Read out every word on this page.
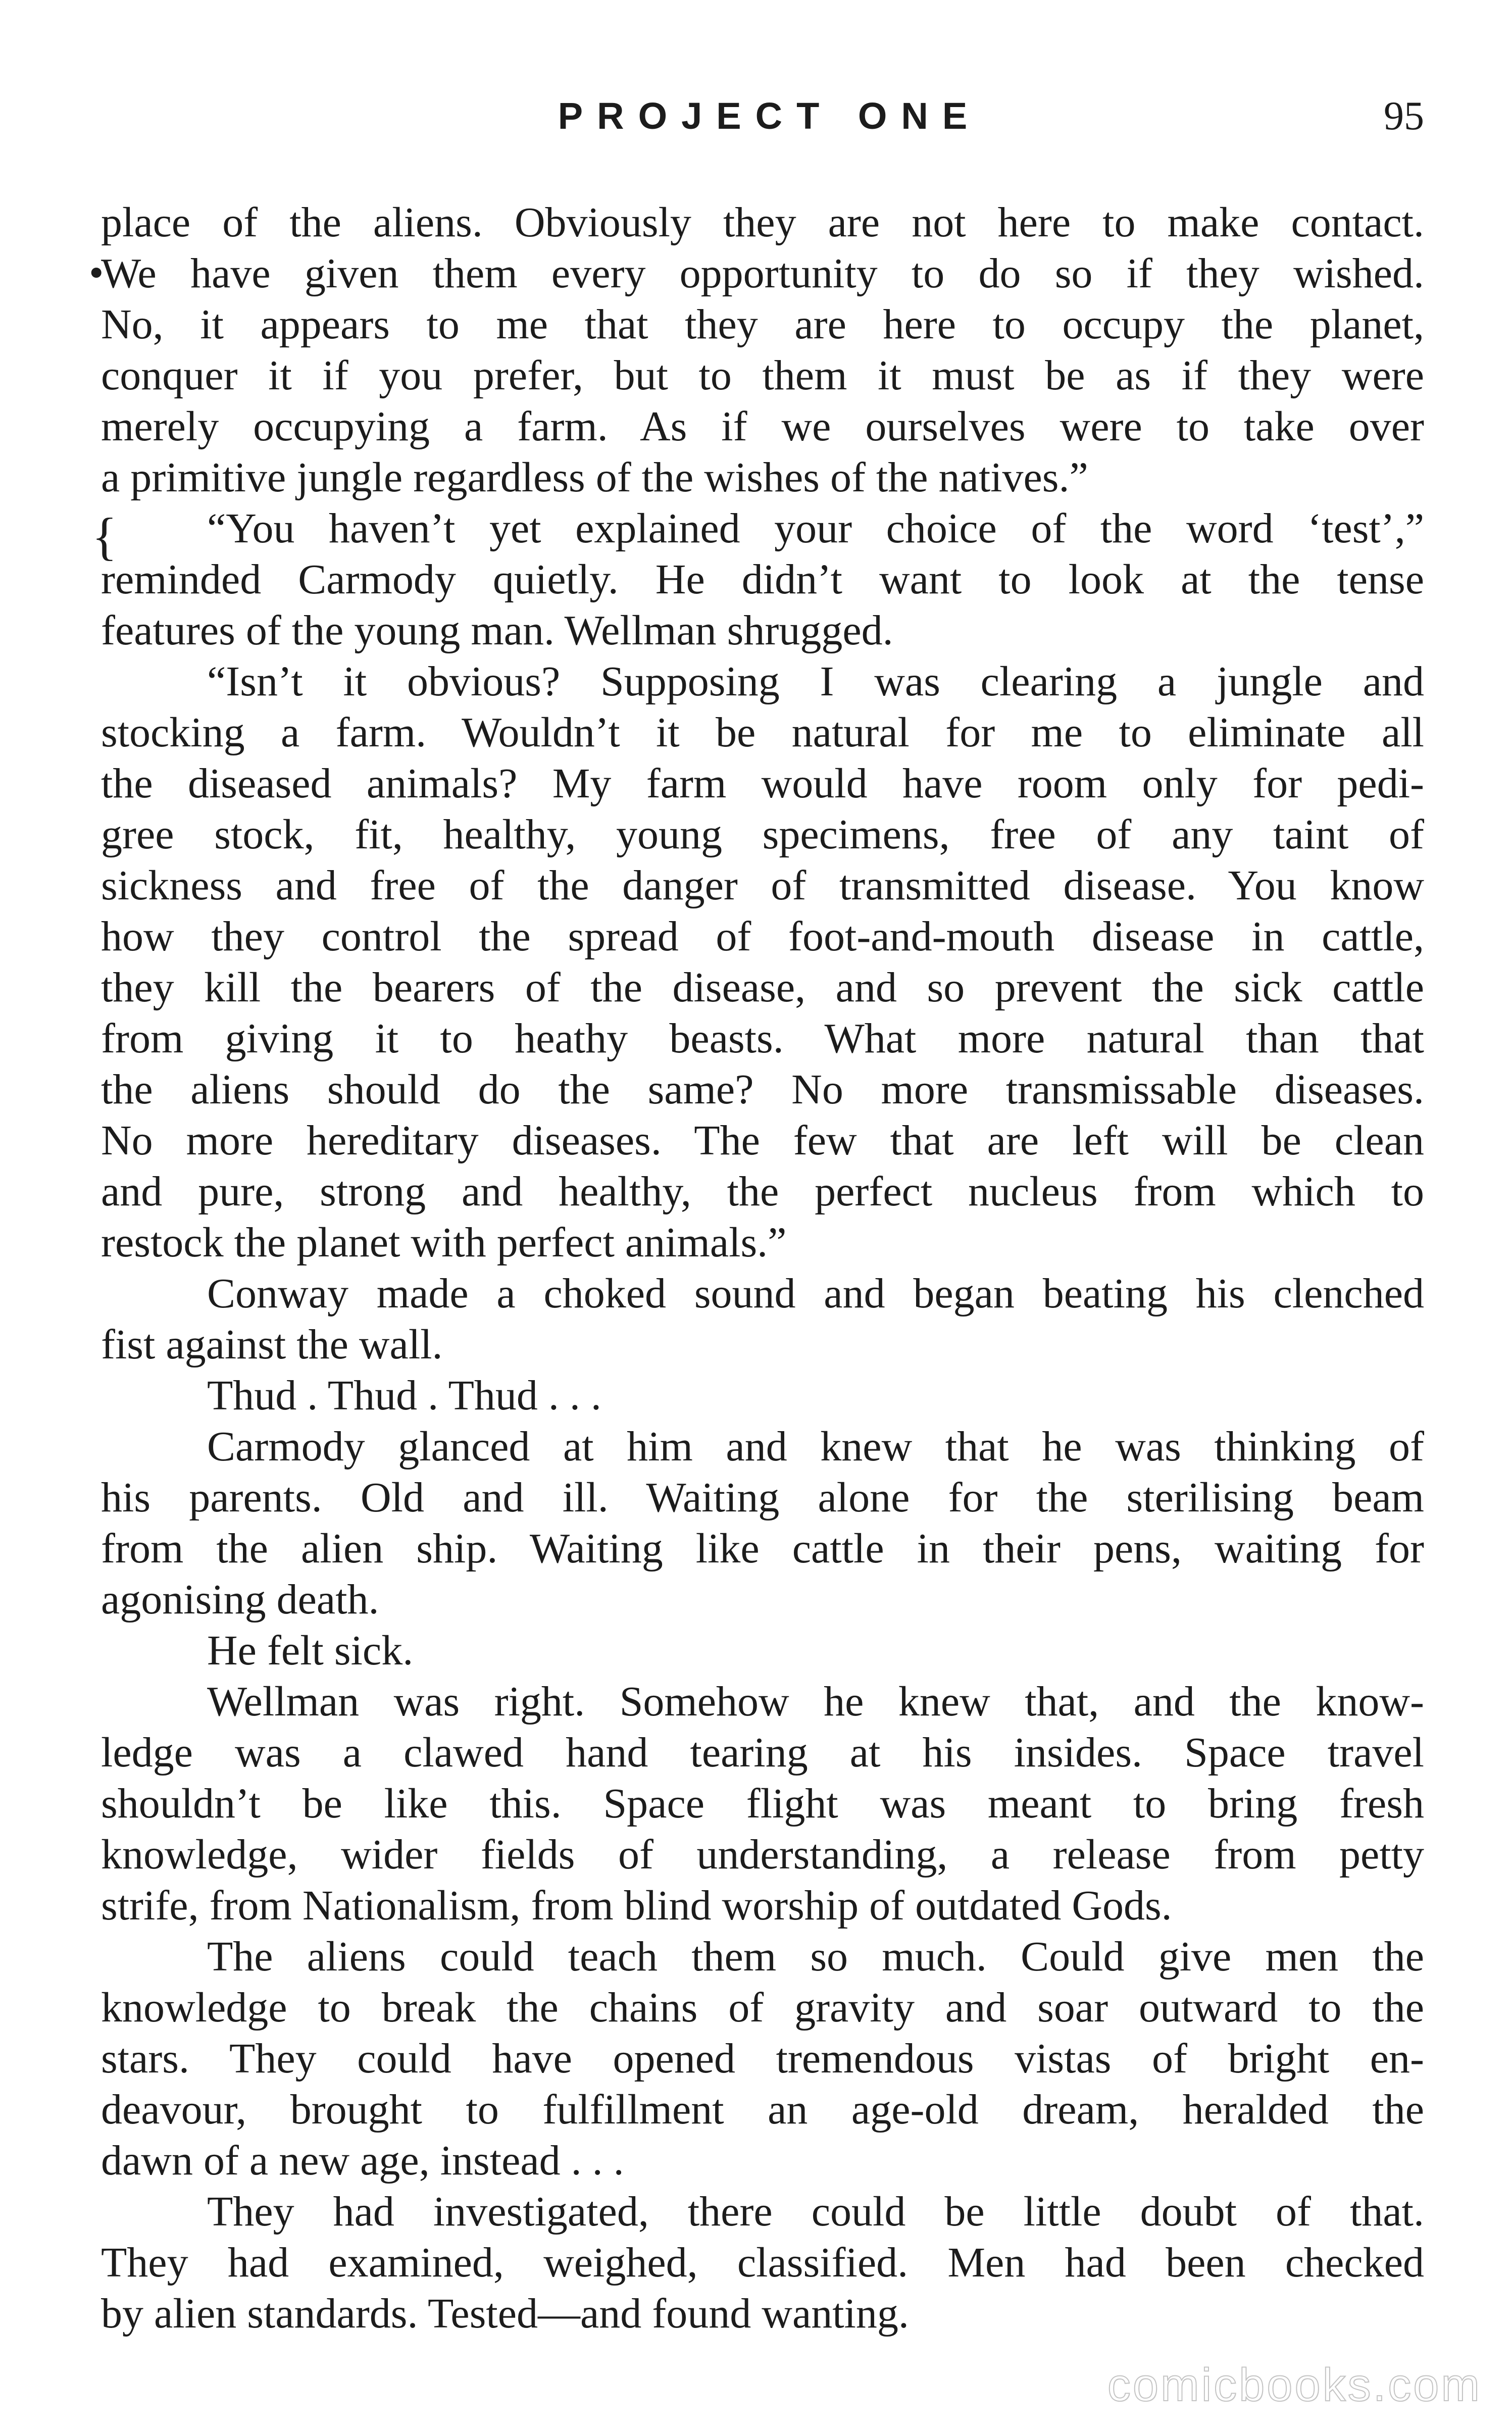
PROJECT ONE	95
•
{
place of the aliens. Obviously they are not here to make contact.
We have given them every opportunity to do so if they wished.
No, it appears to me that they are here to occupy the planet,
conquer it if you prefer, but to them it must be as if they were
merely occupying a farm. As if we ourselves were to take over
a primitive jungle regardless of the wishes of the natives.”
“You haven’t yet explained your choice of the word ‘test’,”
reminded Carmody quietly. He didn’t want to look at the tense
features of the young man. Wellman shrugged.
“Isn’t it obvious? Supposing I was clearing a jungle and
stocking a farm. Wouldn’t it be natural for me to eliminate all
the diseased animals? My farm would have room only for pedi-
gree stock, fit, healthy, young specimens, free of any taint of
sickness and free of the danger of transmitted disease. You know
how they control the spread of foot-and-mouth disease in cattle,
they kill the bearers of the disease, and so prevent the sick cattle
from giving it to heathy beasts. What more natural than that
the aliens should do the same? No more transmissable diseases.
No more hereditary diseases. The few that are left will be clean
and pure, strong and healthy, the perfect nucleus from which to
restock the planet with perfect animals.”
Conway made a choked sound and began beating his clenched
fist against the wall.
Thud . Thud . Thud . . .
Carmody glanced at him and knew that he was thinking of
his parents. Old and ill. Waiting alone for the sterilising beam
from the alien ship. Waiting like cattle in their pens, waiting for
agonising death.
He felt sick.
Wellman was right. Somehow he knew that, and the know-
ledge was a clawed hand tearing at his insides. Space travel
shouldn’t be like this. Space flight was meant to bring fresh
knowledge, wider fields of understanding, a release from petty
strife, from Nationalism, from blind worship of outdated Gods.
The aliens could teach them so much. Could give men the
knowledge to break the chains of gravity and soar outward to the
stars. They could have opened tremendous vistas of bright en-
deavour, brought to fulfillment an age-old dream, heralded the
dawn of a new age, instead . . .
They had investigated, there could be little doubt of that.
They had examined, weighed, classified. Men had been checked
by alien standards. Tested—and found wanting.
comicbooks.com
